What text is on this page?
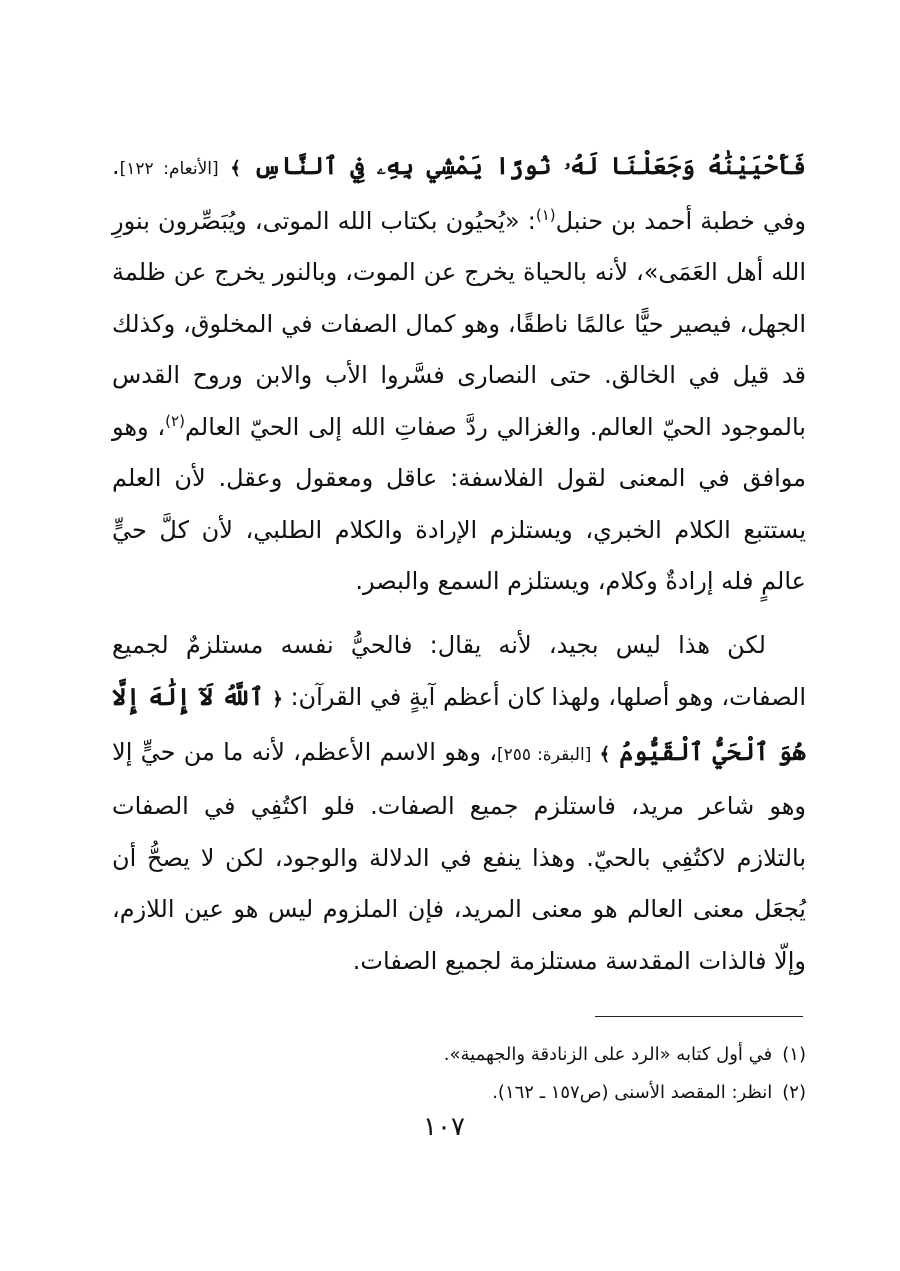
فَأَحْيَيْنَٰهُ وَجَعَلْنَا لَهُۥ نُورًا يَمْشِي بِهِۦ فِي ٱلنَّاسِ ﴾ [الأنعام: ١٢٢]. وفي خطبة أحمد بن حنبل$^{(١)}$: «يُحيُون بكتاب الله الموتى، ويُبَصِّرون بنورِ الله أهل العَمَى»، لأنه بالحياة يخرج عن الموت، وبالنور يخرج عن ظلمة الجهل، فيصير حيًّا عالمًا ناطقًا، وهو كمال الصفات في المخلوق، وكذلك قد قيل في الخالق. حتى النصارى فسَّروا الأب والابن وروح القدس بالموجود الحيّ العالم. والغزالي ردَّ صفاتِ الله إلى الحيّ العالم$^{(٢)}$، وهو موافق في المعنى لقول الفلاسفة: عاقل ومعقول وعقل. لأن العلم يستتبع الكلام الخبري، ويستلزم الإرادة والكلام الطلبي، لأن كلَّ حيٍّ عالمٍ فله إرادةٌ وكلام، ويستلزم السمع والبصر.

لكن هذا ليس بجيد، لأنه يقال: فالحيُّ نفسه مستلزمٌ لجميع الصفات، وهو أصلها، ولهذا كان أعظم آيةٍ في القرآن: ﴿ ٱللَّهُ لَآ إِلَٰهَ إِلَّا هُوَ ٱلْحَيُّ ٱلْقَيُّومُ ﴾ [البقرة: ٢٥٥]، وهو الاسم الأعظم، لأنه ما من حيٍّ إلا وهو شاعر مريد، فاستلزم جميع الصفات. فلو اكتُفِي في الصفات بالتلازم لاكتُفِي بالحيّ. وهذا ينفع في الدلالة والوجود، لكن لا يصحُّ أن يُجعَل معنى العالم هو معنى المريد، فإن الملزوم ليس هو عين اللازم، وإلّا فالذات المقدسة مستلزمة لجميع الصفات.

(١)في أول كتابه «الرد على الزنادقة والجهمية».

(٢)انظر: المقصد الأسنى (ص١٥٧ ـ ١٦٢).

١٠٧
